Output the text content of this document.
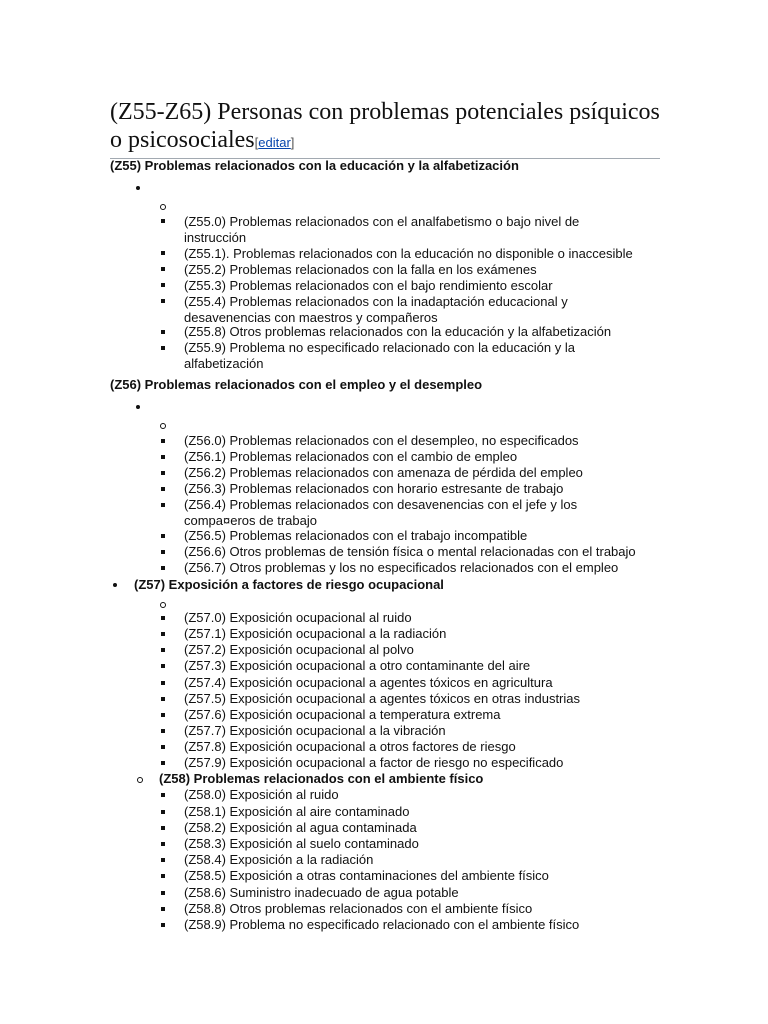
(Z55-Z65) Personas con problemas potenciales psíquicos o psicosociales[editar]
(Z55) Problemas relacionados con la educación y la alfabetización
(Z55.0) Problemas relacionados con el analfabetismo o bajo nivel de instrucción
(Z55.1). Problemas relacionados con la educación no disponible o inaccesible
(Z55.2) Problemas relacionados con la falla en los exámenes
(Z55.3) Problemas relacionados con el bajo rendimiento escolar
(Z55.4) Problemas relacionados con la inadaptación educacional y desavenencias con maestros y compañeros
(Z55.8) Otros problemas relacionados con la educación y la alfabetización
(Z55.9) Problema no especificado relacionado con la educación y la alfabetización
(Z56) Problemas relacionados con el empleo y el desempleo
(Z56.0) Problemas relacionados con el desempleo, no especificados
(Z56.1) Problemas relacionados con el cambio de empleo
(Z56.2) Problemas relacionados con amenaza de pérdida del empleo
(Z56.3) Problemas relacionados con horario estresante de trabajo
(Z56.4) Problemas relacionados con desavenencias con el jefe y los compa¤eros de trabajo
(Z56.5) Problemas relacionados con el trabajo incompatible
(Z56.6) Otros problemas de tensión física o mental relacionadas con el trabajo
(Z56.7) Otros problemas y los no especificados relacionados con el empleo
(Z57) Exposición a factores de riesgo ocupacional
(Z57.0) Exposición ocupacional al ruido
(Z57.1) Exposición ocupacional a la radiación
(Z57.2) Exposición ocupacional al polvo
(Z57.3) Exposición ocupacional a otro contaminante del aire
(Z57.4) Exposición ocupacional a agentes tóxicos en agricultura
(Z57.5) Exposición ocupacional a agentes tóxicos en otras industrias
(Z57.6) Exposición ocupacional a temperatura extrema
(Z57.7) Exposición ocupacional a la vibración
(Z57.8) Exposición ocupacional a otros factores de riesgo
(Z57.9) Exposición ocupacional a factor de riesgo no especificado
(Z58) Problemas relacionados con el ambiente físico
(Z58.0) Exposición al ruido
(Z58.1) Exposición al aire contaminado
(Z58.2) Exposición al agua contaminada
(Z58.3) Exposición al suelo contaminado
(Z58.4) Exposición a la radiación
(Z58.5) Exposición a otras contaminaciones del ambiente físico
(Z58.6) Suministro inadecuado de agua potable
(Z58.8) Otros problemas relacionados con el ambiente físico
(Z58.9) Problema no especificado relacionado con el ambiente físico
